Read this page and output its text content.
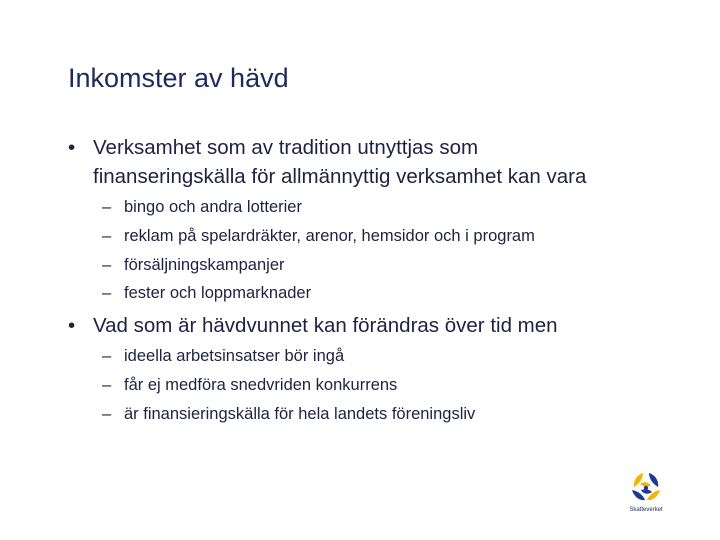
Inkomster av hävd
• Verksamhet som av tradition utnyttjas som
finanseringskälla för allmännyttig verksamhet kan vara
– bingo och andra lotterier
– reklam på spelardräkter, arenor, hemsidor och i program
– försäljningskampanjer
– fester och loppmarknader
• Vad som är hävdvunnet kan förändras över tid men
– ideella arbetsinsatser bör ingå
– får ej medföra snedvriden konkurrens
– är finansieringskälla för hela landets föreningsliv
Skatteverket
